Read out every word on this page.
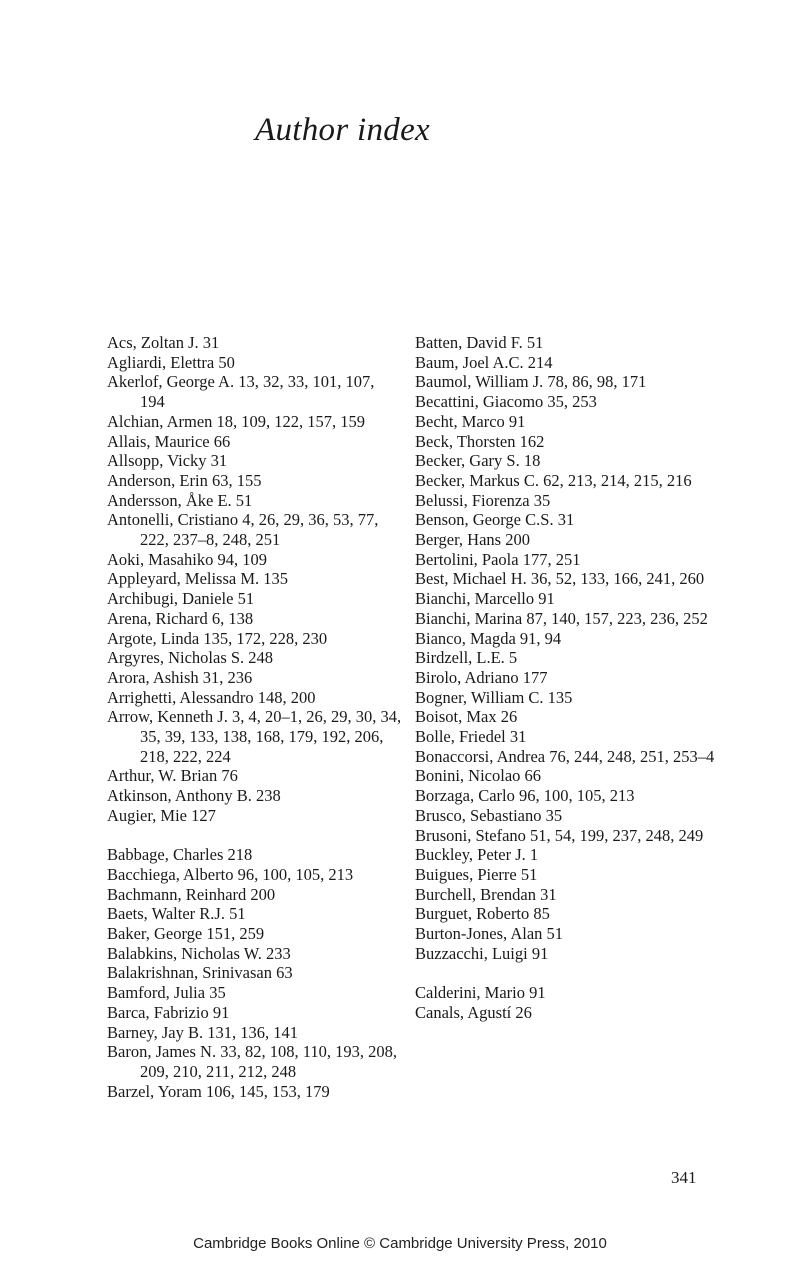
Author index
Acs, Zoltan J. 31
Agliardi, Elettra 50
Akerlof, George A. 13, 32, 33, 101, 107, 194
Alchian, Armen 18, 109, 122, 157, 159
Allais, Maurice 66
Allsopp, Vicky 31
Anderson, Erin 63, 155
Andersson, Åke E. 51
Antonelli, Cristiano 4, 26, 29, 36, 53, 77, 222, 237–8, 248, 251
Aoki, Masahiko 94, 109
Appleyard, Melissa M. 135
Archibugi, Daniele 51
Arena, Richard 6, 138
Argote, Linda 135, 172, 228, 230
Argyres, Nicholas S. 248
Arora, Ashish 31, 236
Arrighetti, Alessandro 148, 200
Arrow, Kenneth J. 3, 4, 20–1, 26, 29, 30, 34, 35, 39, 133, 138, 168, 179, 192, 206, 218, 222, 224
Arthur, W. Brian 76
Atkinson, Anthony B. 238
Augier, Mie 127
Babbage, Charles 218
Bacchiega, Alberto 96, 100, 105, 213
Bachmann, Reinhard 200
Baets, Walter R.J. 51
Baker, George 151, 259
Balabkins, Nicholas W. 233
Balakrishnan, Srinivasan 63
Bamford, Julia 35
Barca, Fabrizio 91
Barney, Jay B. 131, 136, 141
Baron, James N. 33, 82, 108, 110, 193, 208, 209, 210, 211, 212, 248
Barzel, Yoram 106, 145, 153, 179
Batten, David F. 51
Baum, Joel A.C. 214
Baumol, William J. 78, 86, 98, 171
Becattini, Giacomo 35, 253
Becht, Marco 91
Beck, Thorsten 162
Becker, Gary S. 18
Becker, Markus C. 62, 213, 214, 215, 216
Belussi, Fiorenza 35
Benson, George C.S. 31
Berger, Hans 200
Bertolini, Paola 177, 251
Best, Michael H. 36, 52, 133, 166, 241, 260
Bianchi, Marcello 91
Bianchi, Marina 87, 140, 157, 223, 236, 252
Bianco, Magda 91, 94
Birdzell, L.E. 5
Birolo, Adriano 177
Bogner, William C. 135
Boisot, Max 26
Bolle, Friedel 31
Bonaccorsi, Andrea 76, 244, 248, 251, 253–4
Bonini, Nicolao 66
Borzaga, Carlo 96, 100, 105, 213
Brusco, Sebastiano 35
Brusoni, Stefano 51, 54, 199, 237, 248, 249
Buckley, Peter J. 1
Buigues, Pierre 51
Burchell, Brendan 31
Burguet, Roberto 85
Burton-Jones, Alan 51
Buzzacchi, Luigi 91
Calderini, Mario 91
Canals, Agustí 26
341
Cambridge Books Online © Cambridge University Press, 2010
